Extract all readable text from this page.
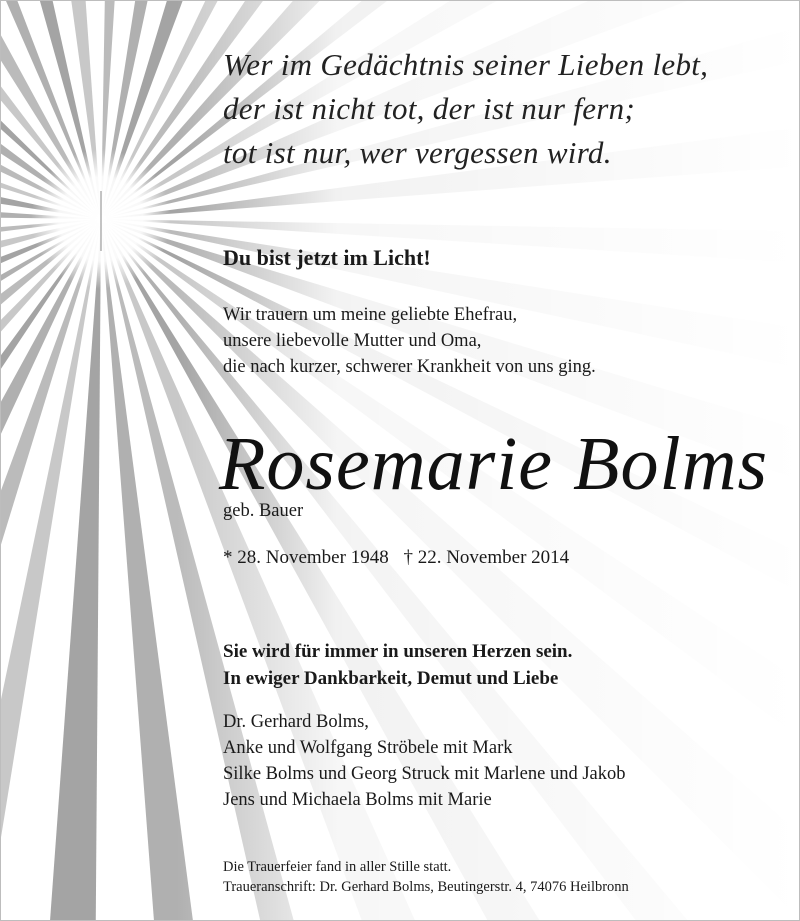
Wer im Gedächtnis seiner Lieben lebt,
der ist nicht tot, der ist nur fern;
tot ist nur, wer vergessen wird.
Du bist jetzt im Licht!
Wir trauern um meine geliebte Ehefrau,
unsere liebevolle Mutter und Oma,
die nach kurzer, schwerer Krankheit von uns ging.
Rosemarie Bolms
geb. Bauer
* 28. November 1948 † 22. November 2014
Sie wird für immer in unseren Herzen sein.
In ewiger Dankbarkeit, Demut und Liebe
Dr. Gerhard Bolms,
Anke und Wolfgang Ströbele mit Mark
Silke Bolms und Georg Struck mit Marlene und Jakob
Jens und Michaela Bolms mit Marie
Die Trauerfeier fand in aller Stille statt.
Traueranschrift: Dr. Gerhard Bolms, Beutingerstr. 4, 74076 Heilbronn
